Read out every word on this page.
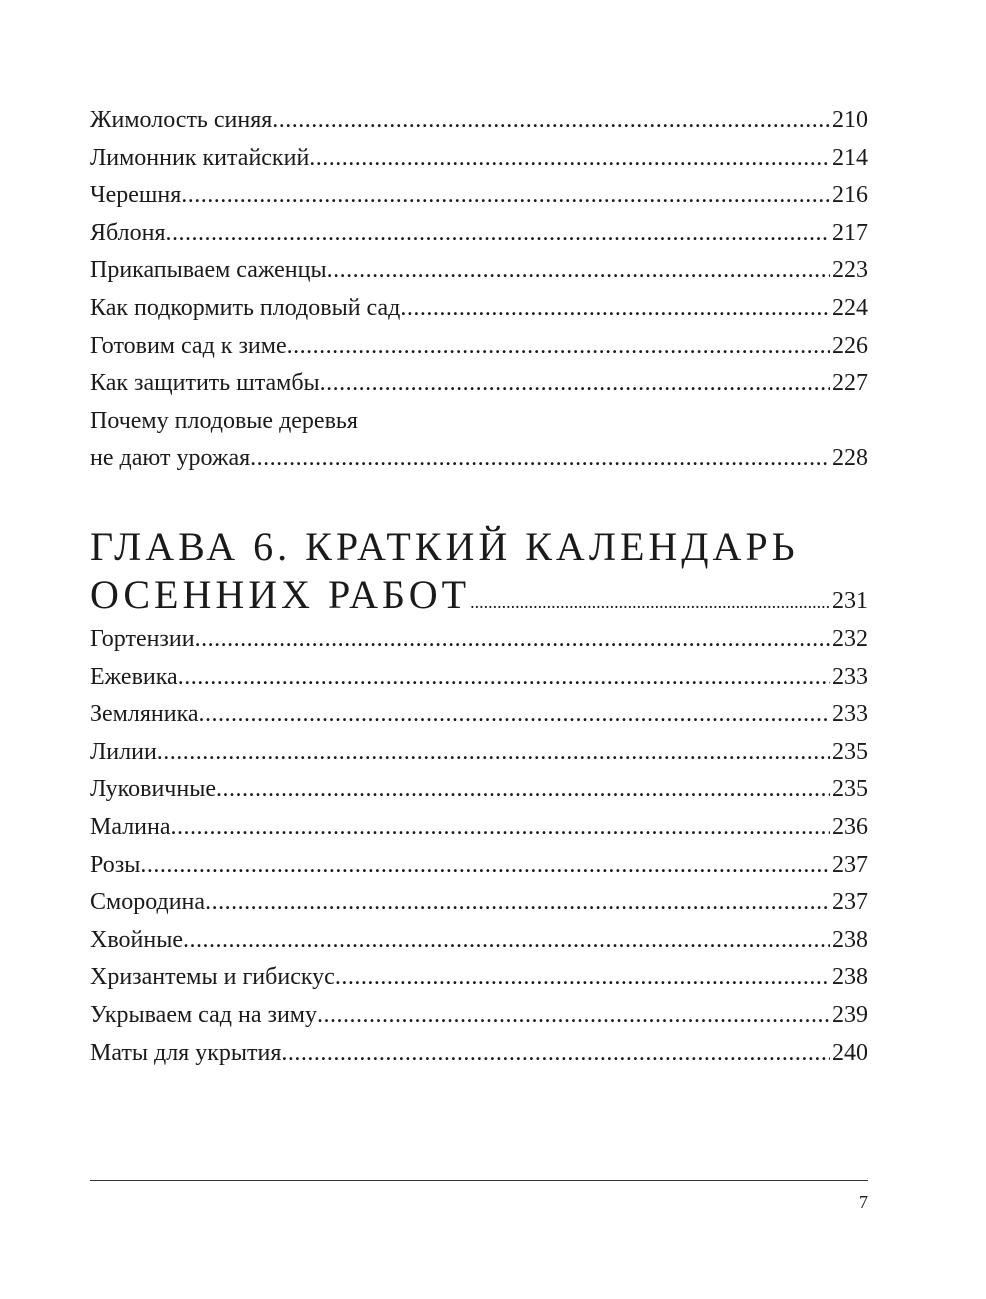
Жимолость синяя .....	210
Лимонник китайский .....	214
Черешня .....	216
Яблоня .....	217
Прикапываем саженцы .....	223
Как подкормить плодовый сад .....	224
Готовим сад к зиме .....	226
Как защитить штамбы .....	227
Почему плодовые деревья
не дают урожая .....	228
ГЛАВА 6. КРАТКИЙ КАЛЕНДАРЬ
ОСЕННИХ РАБОТ .....	231
Гортензии .....	232
Ежевика .....	233
Земляника .....	233
Лилии .....	235
Луковичные .....	235
Малина .....	236
Розы .....	237
Смородина .....	237
Хвойные .....	238
Хризантемы и гибискус .....	238
Укрываем сад на зиму .....	239
Маты для укрытия .....	240
7
